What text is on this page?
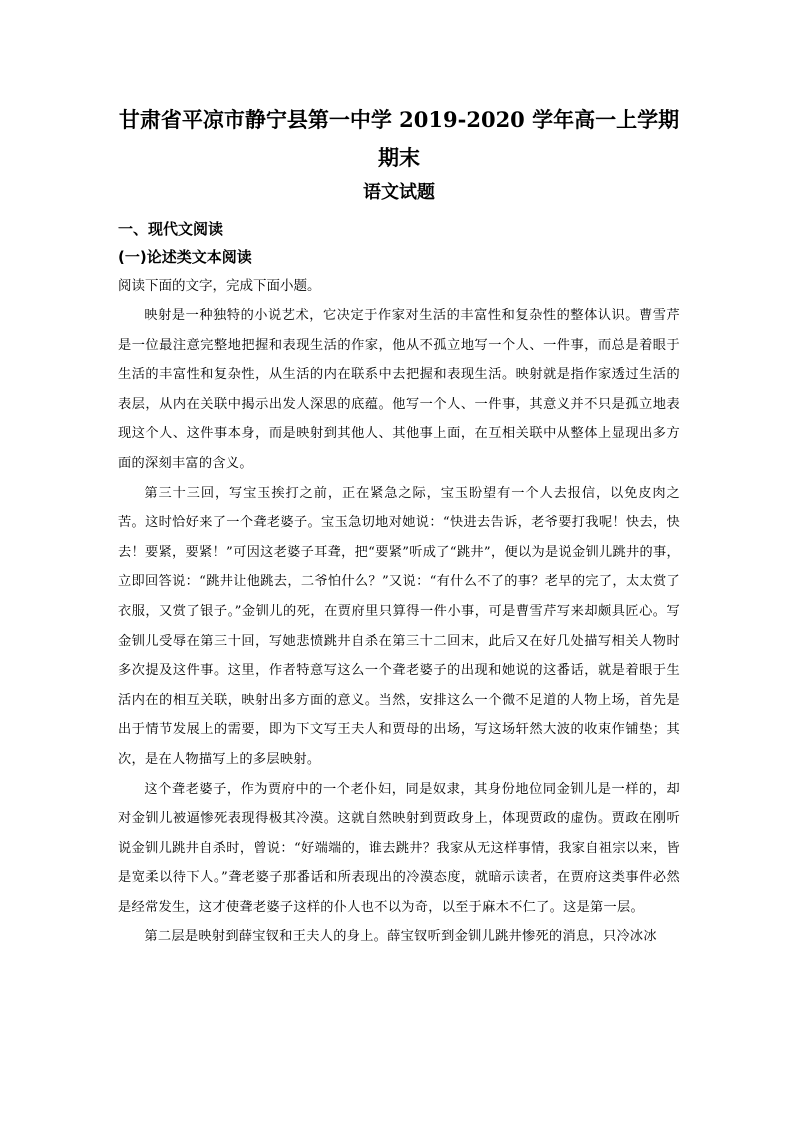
甘肃省平凉市静宁县第一中学 2019-2020 学年高一上学期
期末
语文试题
一、现代文阅读
(一)论述类文本阅读

阅读下面的文字，完成下面小题。

映射是一种独特的小说艺术，它决定于作家对生活的丰富性和复杂性的整体认识。曹雪芹是一位最注意完整地把握和表现生活的作家，他从不孤立地写一个人、一件事，而总是着眼于生活的丰富性和复杂性，从生活的内在联系中去把握和表现生活。映射就是指作家透过生活的表层，从内在关联中揭示出发人深思的底蕴。他写一个人、一件事，其意义并不只是孤立地表现这个人、这件事本身，而是映射到其他人、其他事上面，在互相关联中从整体上显现出多方面的深刻丰富的含义。

第三十三回，写宝玉挨打之前，正在紧急之际，宝玉盼望有一个人去报信，以免皮肉之苦。这时恰好来了一个聋老婆子。宝玉急切地对她说：“快进去告诉，老爷要打我呢！快去，快去！要紧，要紧！”可因这老婆子耳聋，把“要紧”听成了“跳井”，便以为是说金钏儿跳井的事，立即回答说：“跳井让他跳去，二爷怕什么？”又说：“有什么不了的事？老早的完了，太太赏了衣服，又赏了银子。”金钏儿的死，在贾府里只算得一件小事，可是曹雪芹写来却颇具匠心。写金钏儿受辱在第三十回，写她悲愤跳井自杀在第三十二回末，此后又在好几处描写相关人物时多次提及这件事。这里，作者特意写这么一个聋老婆子的出现和她说的这番话，就是着眼于生活内在的相互关联，映射出多方面的意义。当然，安排这么一个微不足道的人物上场，首先是出于情节发展上的需要，即为下文写王夫人和贾母的出场，写这场轩然大波的收束作铺垫；其次，是在人物描写上的多层映射。

这个聋老婆子，作为贾府中的一个老仆妇，同是奴隶，其身份地位同金钏儿是一样的，却对金钏儿被逼惨死表现得极其冷漠。这就自然映射到贾政身上，体现贾政的虚伪。贾政在刚听说金钏儿跳井自杀时，曾说：“好端端的，谁去跳井？我家从无这样事情，我家自祖宗以来，皆是宽柔以待下人。”聋老婆子那番话和所表现出的冷漠态度，就暗示读者，在贾府这类事件必然是经常发生，这才使聋老婆子这样的仆人也不以为奇，以至于麻木不仁了。这是第一层。

第二层是映射到薛宝钗和王夫人的身上。薛宝钗听到金钏儿跳井惨死的消息，只冷冰冰
